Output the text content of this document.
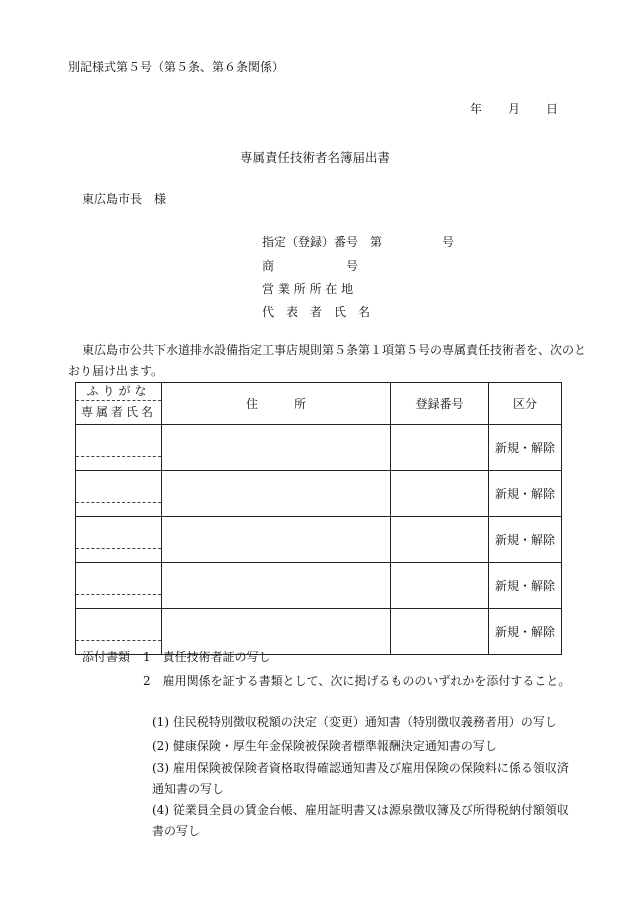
別記様式第５号（第５条、第６条関係）
年 月 日
専属責任技術者名簿届出書
東広島市長　様
指定（登録）番号　第　　　　　号
商　　　　　　号
営 業 所 所 在 地
代　表　者　氏　名
東広島市公共下水道排水設備指定工事店規則第５条第１項第５号の専属責任技術者を、次のとおり届け出ます。
ふりがな
専属者氏名	住　　　所	登録番号	区分

			新規・解除

			新規・解除

			新規・解除

			新規・解除

			新規・解除
添付書類 1　責任技術者証の写し
2　雇用関係を証する書類として、次に掲げるもののいずれかを添付すること。
(1) 住民税特別徴収税額の決定（変更）通知書（特別徴収義務者用）の写し
(2) 健康保険・厚生年金保険被保険者標準報酬決定通知書の写し
(3) 雇用保険被保険者資格取得確認通知書及び雇用保険の保険料に係る領収済通知書の写し
(4) 従業員全員の賃金台帳、雇用証明書又は源泉徴収簿及び所得税納付額領収書の写し
